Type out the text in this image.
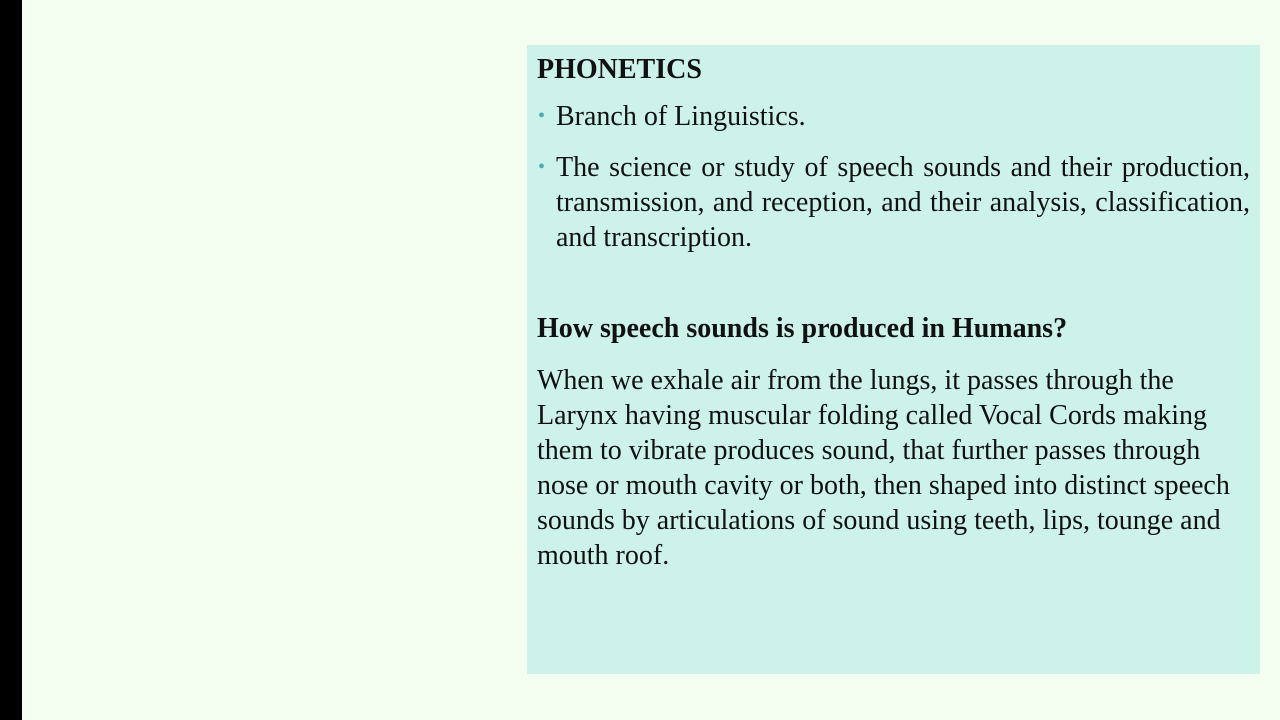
PHONETICS
• Branch of Linguistics.
• The science or study of speech sounds and their production, transmission, and reception, and their analysis, classification, and transcription.
How speech sounds is produced in Humans?

When we exhale air from the lungs, it passes through the Larynx having muscular folding called Vocal Cords making them to vibrate produces sound, that further passes through nose or mouth cavity or both, then shaped into distinct speech sounds by articulations of sound using teeth, lips, tounge and mouth roof.
